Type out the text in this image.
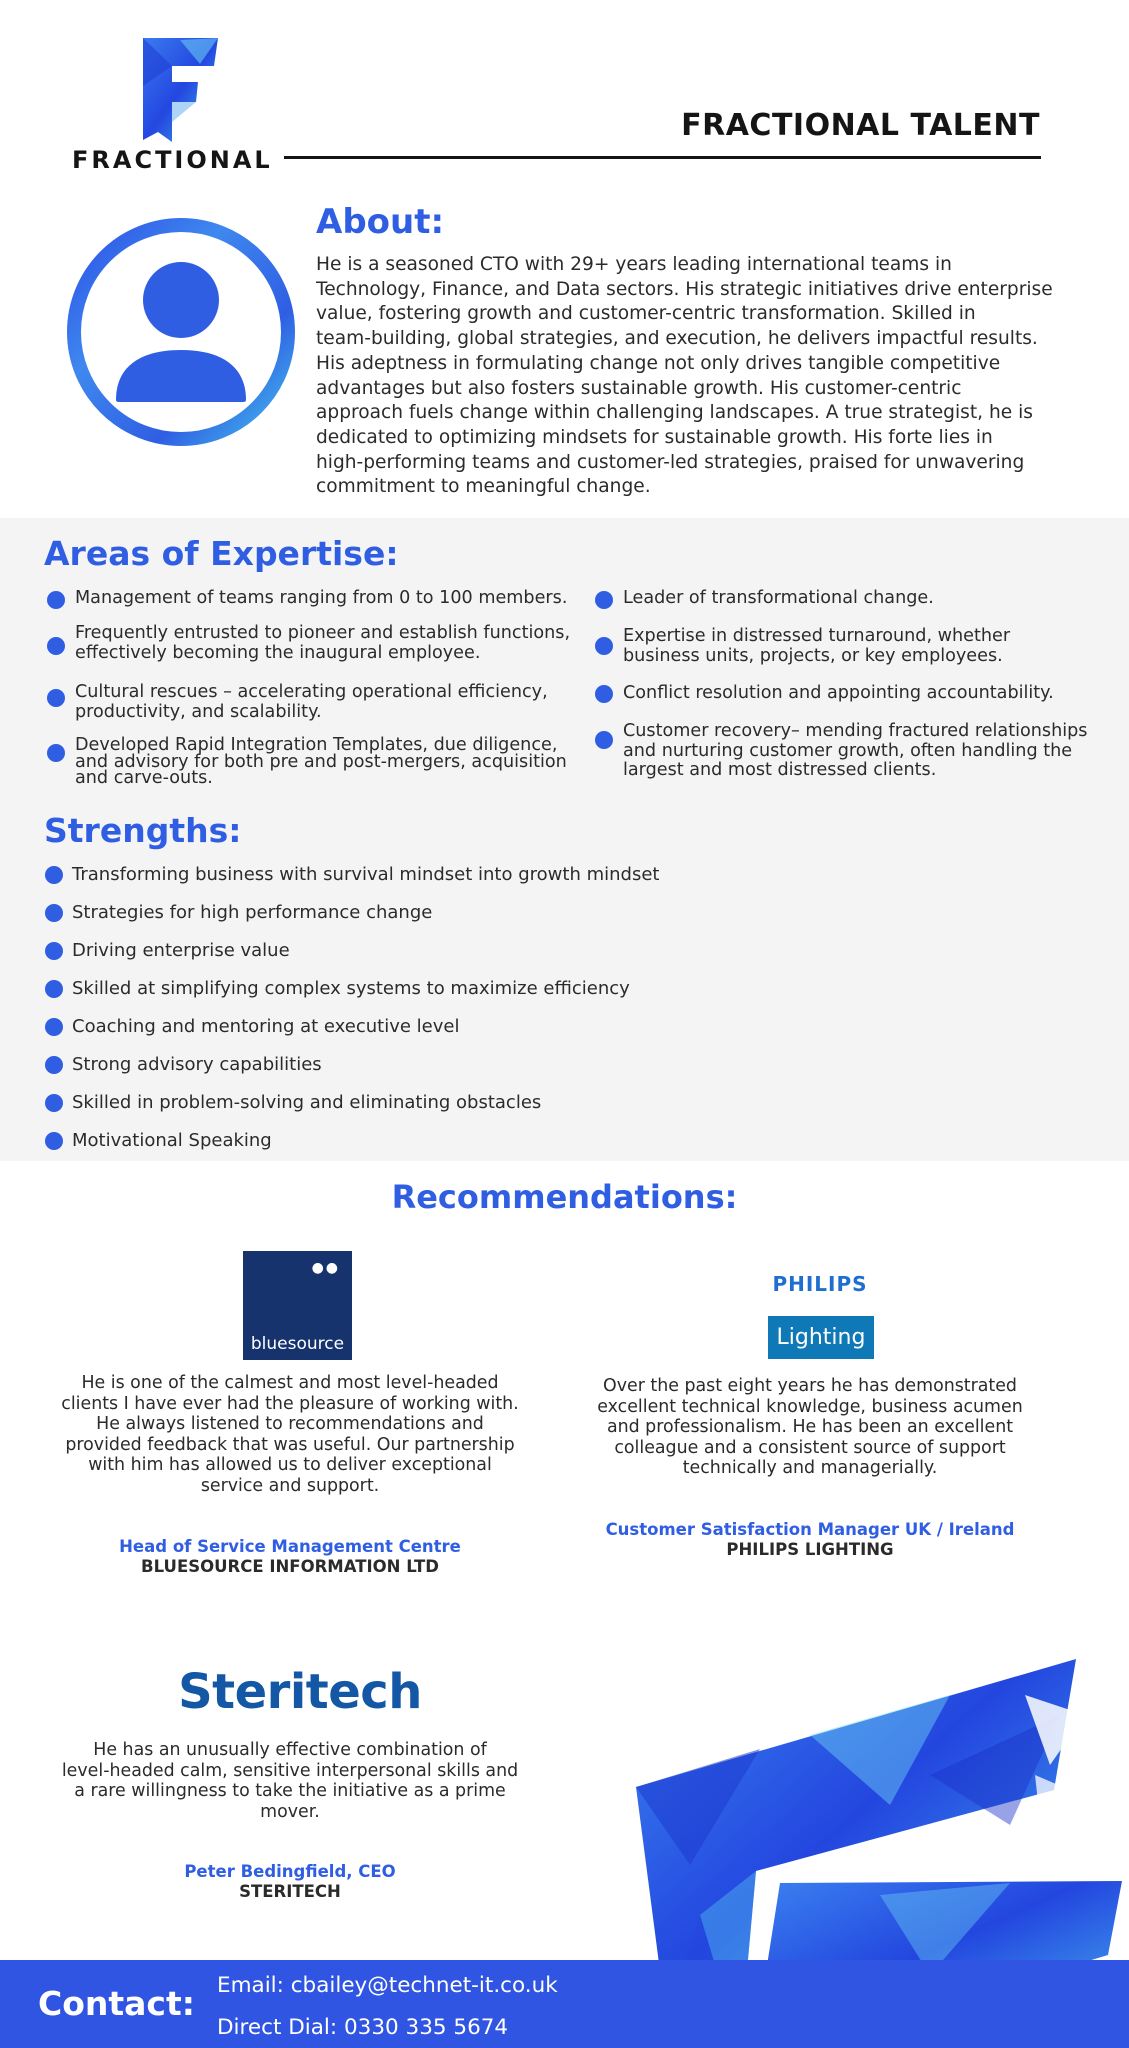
FRACTIONAL
FRACTIONAL TALENT
About:
He is a seasoned CTO with 29+ years leading international teams in
Technology, Finance, and Data sectors. His strategic initiatives drive enterprise
value, fostering growth and customer-centric transformation. Skilled in
team-building, global strategies, and execution, he delivers impactful results.
His adeptness in formulating change not only drives tangible competitive
advantages but also fosters sustainable growth. His customer-centric
approach fuels change within challenging landscapes. A true strategist, he is
dedicated to optimizing mindsets for sustainable growth. His forte lies in
high-performing teams and customer-led strategies, praised for unwavering
commitment to meaningful change.
Areas of Expertise:
Management of teams ranging from 0 to 100 members.
Frequently entrusted to pioneer and establish functions,
effectively becoming the inaugural employee.
Cultural rescues – accelerating operational efficiency,
productivity, and scalability.
Developed Rapid Integration Templates, due diligence,
and advisory for both pre and post-mergers, acquisition
and carve-outs.
Leader of transformational change.
Expertise in distressed turnaround, whether
business units, projects, or key employees.
Conflict resolution and appointing accountability.
Customer recovery– mending fractured relationships
and nurturing customer growth, often handling the
largest and most distressed clients.
Strengths:
Transforming business with survival mindset into growth mindset
Strategies for high performance change
Driving enterprise value
Skilled at simplifying complex systems to maximize efficiency
Coaching and mentoring at executive level
Strong advisory capabilities
Skilled in problem-solving and eliminating obstacles
Motivational Speaking
Recommendations:
●●
bluesource
He is one of the calmest and most level-headed
clients I have ever had the pleasure of working with.
He always listened to recommendations and
provided feedback that was useful. Our partnership
with him has allowed us to deliver exceptional
service and support.
Head of Service Management Centre
BLUESOURCE INFORMATION LTD
PHILIPS
Lighting
Over the past eight years he has demonstrated
excellent technical knowledge, business acumen
and professionalism. He has been an excellent
colleague and a consistent source of support
technically and managerially.
Customer Satisfaction Manager UK / Ireland
PHILIPS LIGHTING
Steritech
He has an unusually effective combination of
level-headed calm, sensitive interpersonal skills and
a rare willingness to take the initiative as a prime
mover.
Peter Bedingfield, CEO
STERITECH
Contact: Email: cbailey@technet-it.co.uk
Direct Dial: 0330 335 5674
